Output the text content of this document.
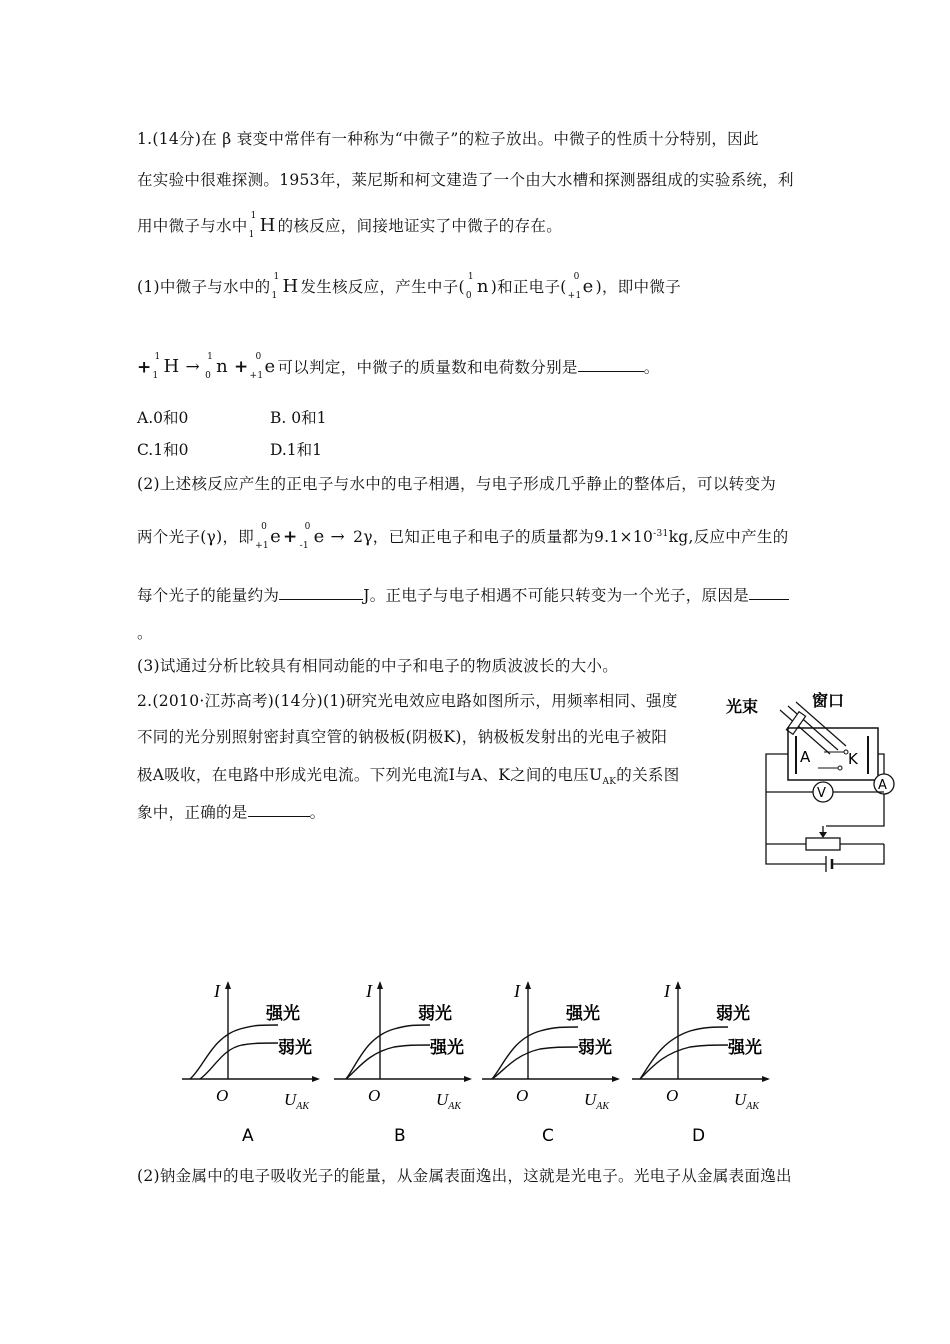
1.(14分)在 β 衰变中常伴有一种称为“中微子”的粒子放出。中微子的性质十分特别，因此
在实验中很难探测。1953年，莱尼斯和柯文建造了一个由大水槽和探测器组成的实验系统，利
用中微子与水中
1
1 H 的核反应，间接地证实了中微子的存在。
(1)中微子与水中的
1
1 H 发生核反应，产生中子(
1
0 n )和正电子(
0
+1 e )，即中微子
+ 1
1 H → 1
0 n + 0
+1 e 可以判定，中微子的质量数和电荷数分别是	。
A.0和0	B. 0和1
C.1和0	D.1和1
(2)上述核反应产生的正电子与水中的电子相遇，与电子形成几乎静止的整体后，可以转变为
两个光子(γ)，即
0
+1 e + 0
-1 e → 2γ，已知正电子和电子的质量都为$9.1\times 10^{-31}kg$,反应中产生的
每个光子的能量约为	J。正电子与电子相遇不可能只转变为一个光子，原因是
。
(3)试通过分析比较具有相同动能的中子和电子的物质波波长的大小。
2.(2010·江苏高考)(14分)(1)研究光电效应电路如图所示，用频率相同、强度
不同的光分别照射密封真空管的钠极板(阴极K)，钠极板发射出的光电子被阳
极A吸收，在电路中形成光电流。下列光电流I与A、K之间的电压$U_{AK}$的关系图
象中，正确的是	。
光束	窗口
A	K
A
V
I
O	$U_{AK}$
强光
弱光
A
I
O	$U_{AK}$
弱光
强光
B
I
O	$U_{AK}$
强光
弱光
C
I
O	$U_{AK}$
弱光
强光
D
(2)钠金属中的电子吸收光子的能量，从金属表面逸出，这就是光电子。光电子从金属表面逸出
